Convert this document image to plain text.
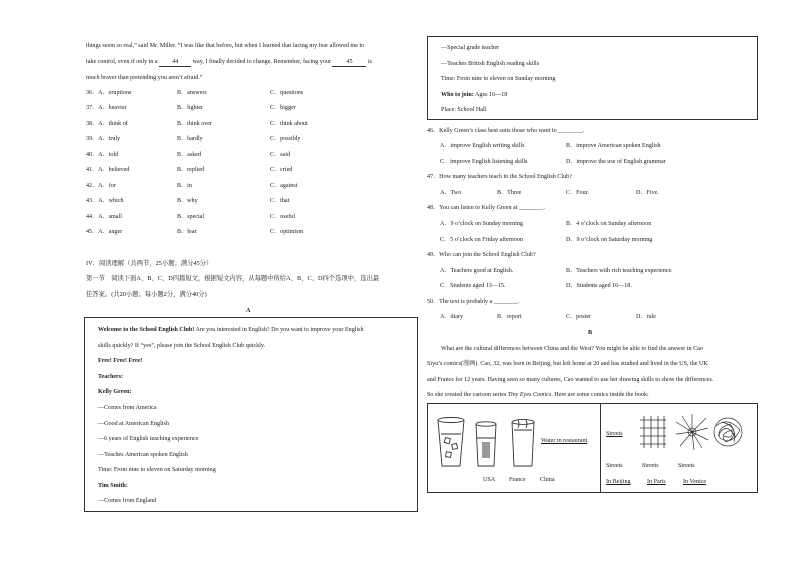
things seem so real,” said Mr. Miller. “I was like that before, but when I learned that facing my fear allowed me to
take control, even if only in a 44 way, I finally decided to change. Remember, facing your	45	is
much braver than pretending you aren’t afraid.”
36．A．eruptions	B．answers	C．questions
37．A．heavier	B．lighter	C．bigger
38．A．think of	B．think over	C．think about
39．A．truly	B．hardly	C．possibly
40．A．told	B．asked	C．said
41．A．believed	B．replied	C．cried
42．A．for	B．in	C．against
43．A．which	B．why	C．that
44．A．small	B．special	C．useful
45．A．anger	B．fear	C．optimism
IV．阅读理解（共两节，25小题；满分45分）
第一节　阅读下面A、B、C、D四篇短文，根据短文内容，从每题中所给A、B、C、D四个选项中，选出最
佳答案。(共20小题；每小题2分，满分40分)
A
Welcome to the School English Club! Are you interested in English? Do you want to improve your English
skills quickly? If “yes”, please join the School English Club quickly.
Free! Free! Free!
Teachers:
Kelly Green:
—Comes from America
—Good at American English
—6 years of English teaching experience
—Teaches American spoken English
Time: From nine to eleven on Saturday morning
Tim Smith:
—Comes from England
—Special grade teacher
—Teaches British English reading skills
Time: From nine to eleven on Sunday morning
Who to join: Ages 16—18
Place: School Hall
46．Kelly Green’s class best suits those who want to ________.
A．improve English writing skills	B．improve American spoken English
C．improve English listening skills	D．improve the use of English grammar
47．How many teachers teach in the School English Club?
A．Two	B．Three	C．Four.	D．Five.
48．You can listen to Kelly Green at ________.
A．9 o’clock on Sunday morning	B．4 o’clock on Sunday afternoon
C．5 o’clock on Friday afternoon	D．9 o’clock on Saturday morning
49．Who can join the School English Club?
A．Teachers good at English.	B．Teachers with rich teaching experience.
C．Students aged 13—15.	D．Students aged 16—18.
50．The text is probably a ________.
A．diary	B．report	C．poster	D．rule
B
What are the cultural differences between China and the West? You might be able to find the answer in Cao
Siyu’s comics(漫画). Cao, 32, was born in Beijing, but left home at 20 and has studied and lived in the US, the UK
and France for 12 years. Having seen so many cultures, Cao wanted to use her drawing skills to show the differences.
So she created the cartoon series Tiny Eyes Comics. Here are some comics inside the book:
Water in restaurant
USA France China
Streets
Streets	Streets	Streets
In Beijing	In Paris	In Venice
